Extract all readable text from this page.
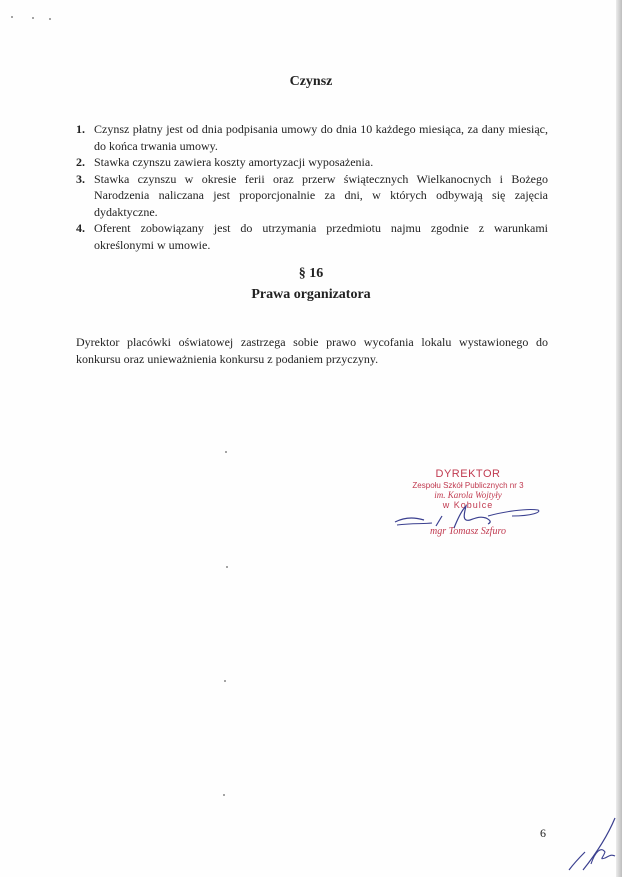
Czynsz
1. Czynsz płatny jest od dnia podpisania umowy do dnia 10 każdego miesiąca, za dany miesiąc, do końca trwania umowy.
2. Stawka czynszu zawiera koszty amortyzacji wyposażenia.
3. Stawka czynszu w okresie ferii oraz przerw świątecznych Wielkanocnych i Bożego Narodzenia naliczana jest proporcjonalnie za dni, w których odbywają się zajęcia dydaktyczne.
4. Oferent zobowiązany jest do utrzymania przedmiotu najmu zgodnie z warunkami określonymi w umowie.
§ 16
Prawa organizatora
Dyrektor placówki oświatowej zastrzega sobie prawo wycofania lokalu wystawionego do konkursu oraz unieważnienia konkursu z podaniem przyczyny.
DYREKTOR
Zespołu Szkół Publicznych nr 3
im. Karola Wojtyły
w Kobulce
mgr Tomasz Szfuro
6
